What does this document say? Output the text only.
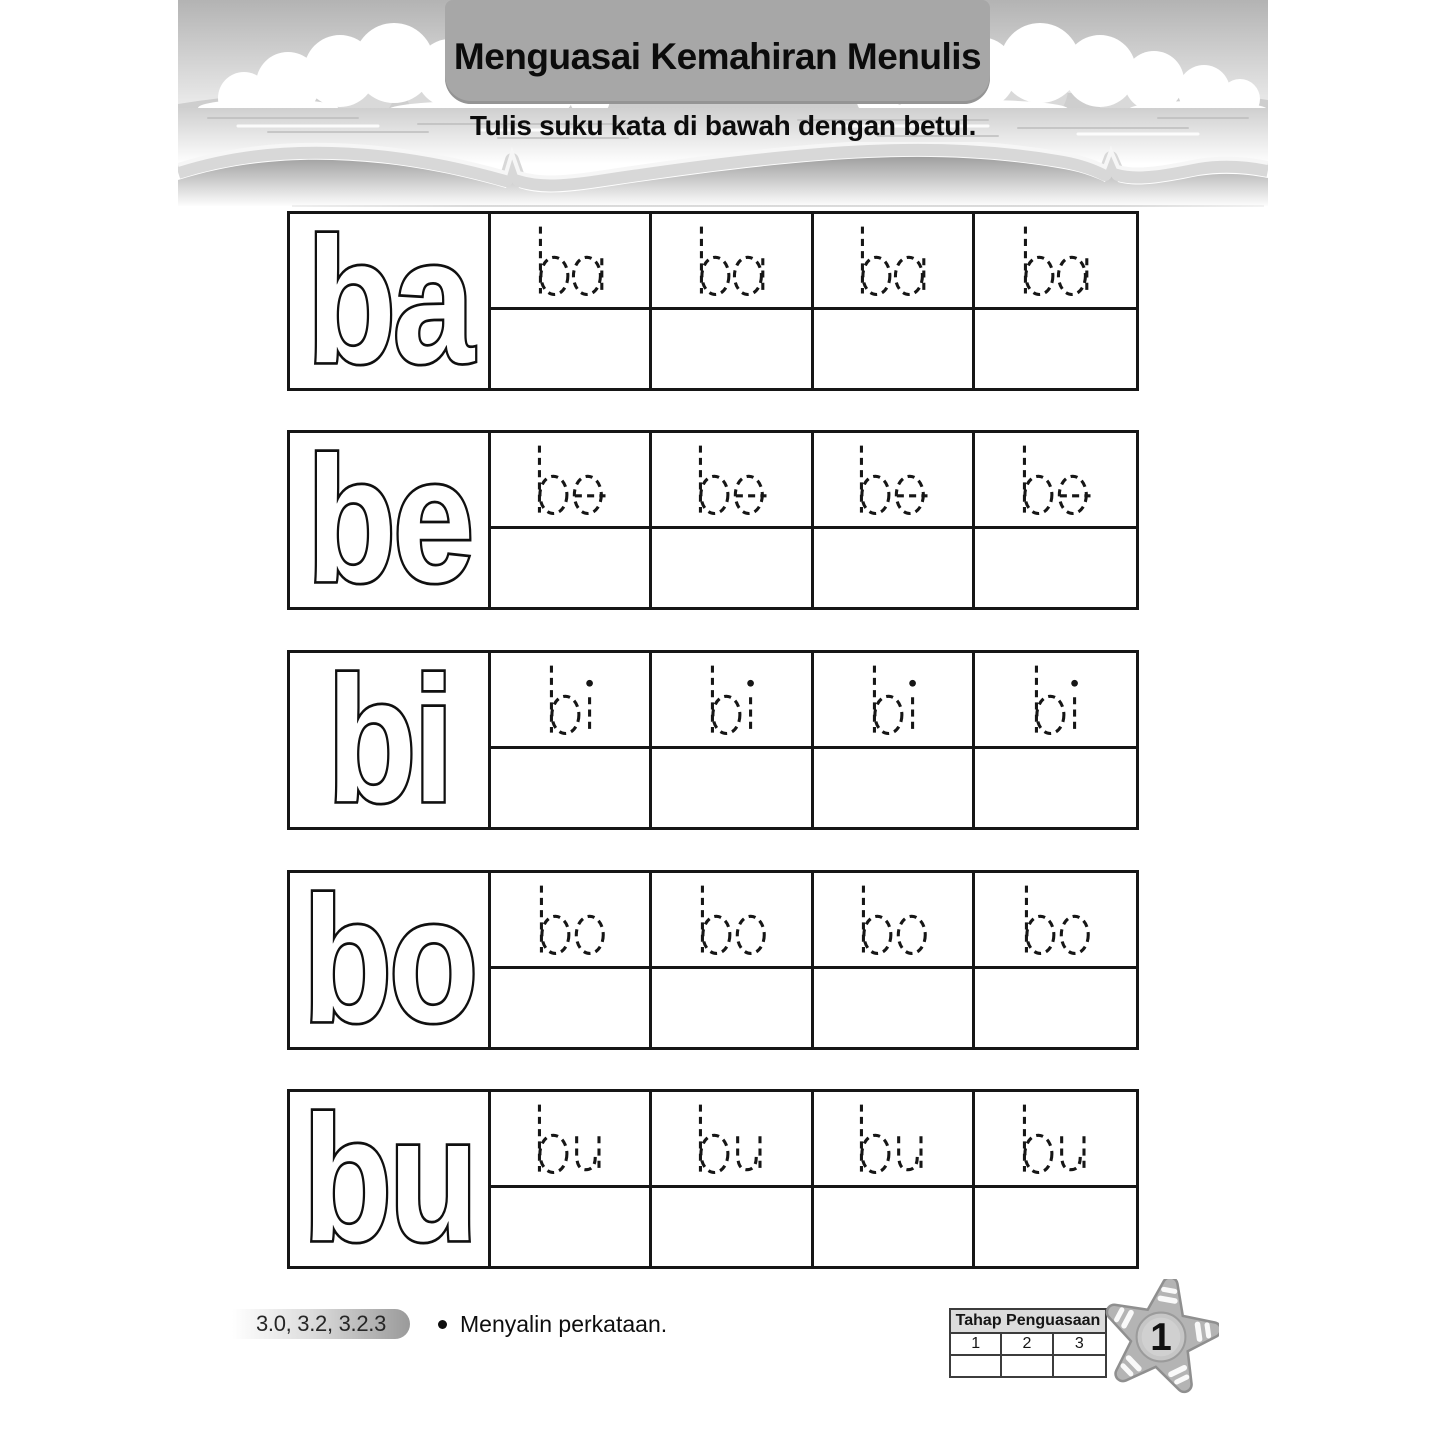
Menguasai Kemahiran Menulis
Tulis suku kata di bawah dengan betul.
ba
be
bi
bo
bu
3.0, 3.2, 3.2.3	Menyalin perkataan.	Tahap Penguasaan
1	2	3	1
